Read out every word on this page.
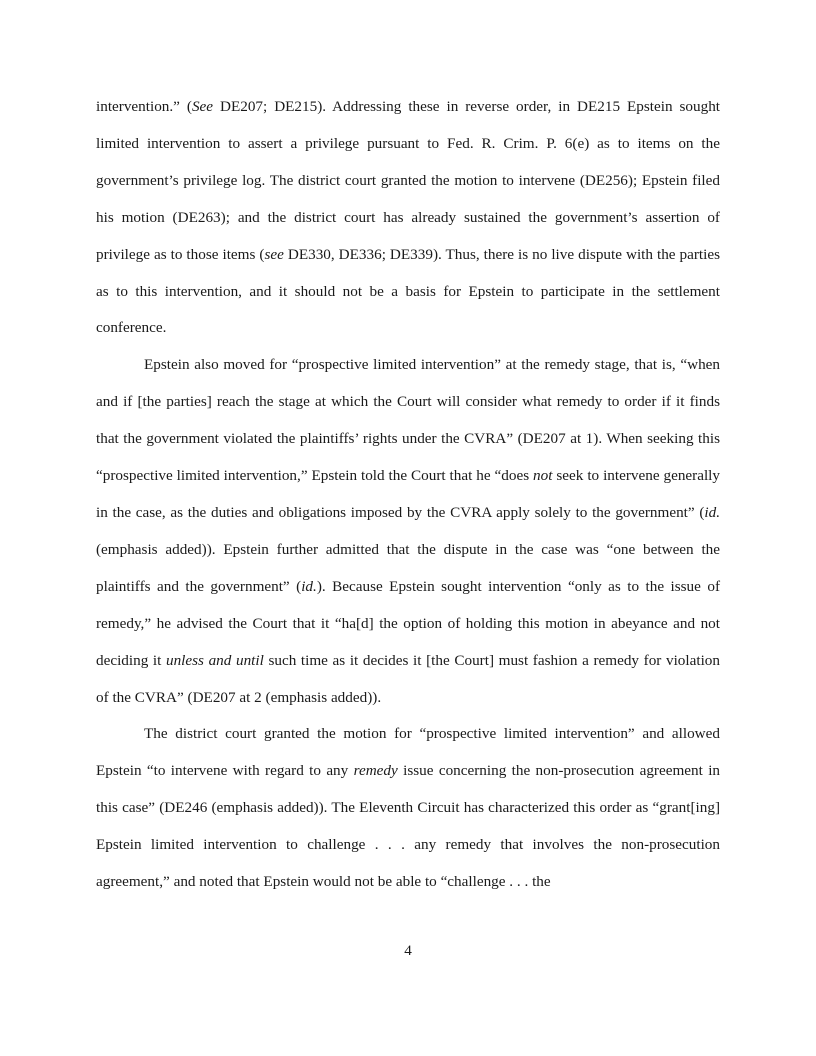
intervention.” (See DE207; DE215). Addressing these in reverse order, in DE215 Epstein sought limited intervention to assert a privilege pursuant to Fed. R. Crim. P. 6(e) as to items on the government’s privilege log. The district court granted the motion to intervene (DE256); Epstein filed his motion (DE263); and the district court has already sustained the government’s assertion of privilege as to those items (see DE330, DE336; DE339). Thus, there is no live dispute with the parties as to this intervention, and it should not be a basis for Epstein to participate in the settlement conference.

Epstein also moved for “prospective limited intervention” at the remedy stage, that is, “when and if [the parties] reach the stage at which the Court will consider what remedy to order if it finds that the government violated the plaintiffs’ rights under the CVRA” (DE207 at 1). When seeking this “prospective limited intervention,” Epstein told the Court that he “does not seek to intervene generally in the case, as the duties and obligations imposed by the CVRA apply solely to the government” (id. (emphasis added)). Epstein further admitted that the dispute in the case was “one between the plaintiffs and the government” (id.). Because Epstein sought intervention “only as to the issue of remedy,” he advised the Court that it “ha[d] the option of holding this motion in abeyance and not deciding it unless and until such time as it decides it [the Court] must fashion a remedy for violation of the CVRA” (DE207 at 2 (emphasis added)).

The district court granted the motion for “prospective limited intervention” and allowed Epstein “to intervene with regard to any remedy issue concerning the non-prosecution agreement in this case” (DE246 (emphasis added)). The Eleventh Circuit has characterized this order as “grant[ing] Epstein limited intervention to challenge . . . any remedy that involves the non-prosecution agreement,” and noted that Epstein would not be able to “challenge . . . the

4
